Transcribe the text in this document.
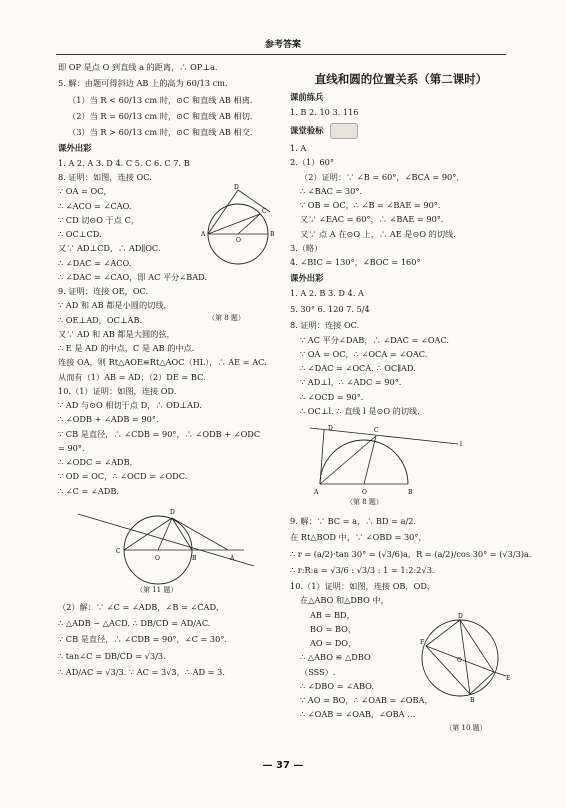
参考答案
即 OP 是点 O 到直线 a 的距离，∴ OP⊥a.
5. 解：由题可得斜边 AB 上的高为 60/13 cm.
（1）当 R < 60/13 cm 时，⊙C 和直线 AB 相离.
（2）当 R = 60/13 cm 时，⊙C 和直线 AB 相切.
（3）当 R > 60/13 cm 时，⊙C 和直线 AB 相交.
课外出彩
1. A 2. A 3. D 4. C 5. C 6. C 7. B
8. 证明：如图，连接 OC.
D
C
A
O
B
∵ OA = OC，
∴ ∠ACO = ∠CAO.
∵ CD 切⊙O 于点 C，
∴ OC⊥CD.
又∵ AD⊥CD，∴ AD∥OC.
∴ ∠DAC = ∠ACO.
∴ ∠DAC = ∠CAO，即 AC 平分∠BAD.
（第 8 题）
9. 证明：连接 OE，OC.
∵ AD 和 AB 都是小圆的切线，
∴ OE⊥AD，OC⊥AB.
又∵ AD 和 AB 都是大圆的弦，
∴ E 是 AD 的中点，C 是 AB 的中点.
连接 OA，则 Rt△AOE≌Rt△AOC（HL），∴ AE = AC.
从而有（1）AB = AD；（2）DE = BC.
10.（1）证明：如图，连接 OD.
∵ AD 与⊙O 相切于点 D，∴ OD⊥AD.
∴ ∠ODB + ∠ADB = 90°.
∵ CB 是直径，∴ ∠CDB = 90°，∴ ∠ODB + ∠ODC
= 90°.
∴ ∠ODC = ∠ADB.
∵ OD = OC，∴ ∠OCD = ∠ODC.
∴ ∠C = ∠ADB.
D
C
O	B	A
（第 11 题）
（2）解：∵ ∠C = ∠ADB，∠B = ∠CAD，
∴ △ADB ∽ △ACD. ∴ DB/CD = AD/AC.
∵ CB 是直径，∴ ∠CDB = 90°，∠C = 30°.
∴ tan∠C = DB/CD = √3/3.
∴ AD/AC = √3/3. ∵ AC = 3√3，∴ AD = 3.
直线和圆的位置关系（第二课时）
课前练兵
1. B 2. 10 3. 116
课堂验标
1. A
2.（1）60°
（2）证明：∵ ∠B = 60°，∠BCA = 90°，
∴ ∠BAC = 30°.
∵ OB = OC，∴ ∠B = ∠BAE = 90°.
又∵ ∠EAC = 60°，∴ ∠BAE = 90°.
又∵ 点 A 在⊙O 上，∴ AE 是⊙O 的切线.
3.（略）
4. ∠BIC = 130°，∠BOC = 160°
课外出彩
1. A 2. B 3. D 4. A
5. 30° 6. 120 7. 5/4
8. 证明：连接 OC.
∵ AC 平分∠DAB，∴ ∠DAC = ∠OAC.
∵ OA = OC，∴ ∠OCA = ∠OAC.
∴ ∠DAC = ∠OCA. ∴ OC∥AD.
∵ AD⊥l，∴ ∠ADC = 90°.
∴ ∠OCD = 90°.
∴ OC⊥l. ∴ 直线 l 是⊙O 的切线.
D	C
l
A	O	B
（第 8 题）
9. 解：∵ BC = a，∴ BD = a/2.
在 Rt△BOD 中，∵ ∠OBD = 30°，
∴ r = (a/2)·tan 30° = (√3/6)a，R = (a/2)/cos 30° = (√3/3)a.
∴ r:R:a = √3/6 : √3/3 : 1 = 1:2:2√3.
10.（1）证明：如图，连接 OB，OD，
在△ABO 和△DBO 中，
D
F
E
B
O
AB = BD，
BO = BO，
AO = DO，
∴ △ABO ≌ △DBO
（SSS）.
∴ ∠DBO = ∠ABO.
∵ AO = BO，∴ ∠OAB = ∠OBA，
∴ ∠OAB = ∠OAB，∠OBA …
（第 10 题）
— 37 —
